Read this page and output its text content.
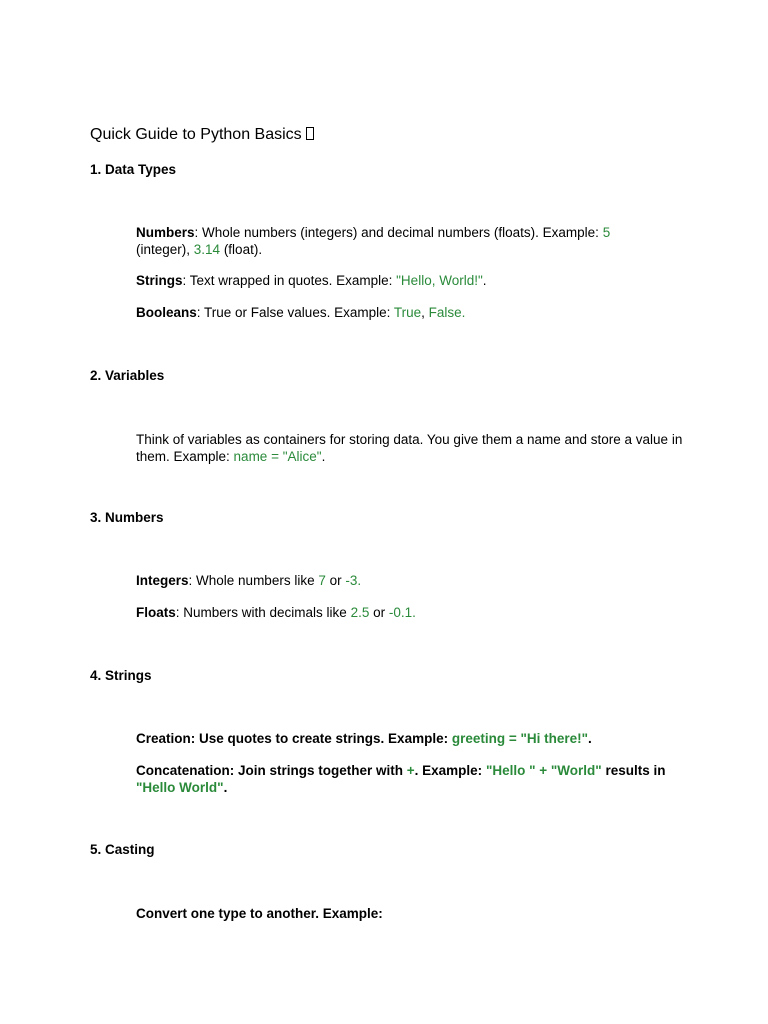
Quick Guide to Python Basics
1. Data Types
Numbers: Whole numbers (integers) and decimal numbers (floats). Example: 5
(integer), 3.14 (float).
Strings: Text wrapped in quotes. Example: "Hello, World!".
Booleans: True or False values. Example: True, False.
2. Variables
Think of variables as containers for storing data. You give them a name and store a value in them. Example: name = "Alice".
3. Numbers
Integers: Whole numbers like 7 or -3.
Floats: Numbers with decimals like 2.5 or -0.1.
4. Strings
Creation: Use quotes to create strings. Example: greeting = "Hi there!".
Concatenation: Join strings together with +. Example: "Hello " + "World" results in
"Hello World".
5. Casting
Convert one type to another. Example:
